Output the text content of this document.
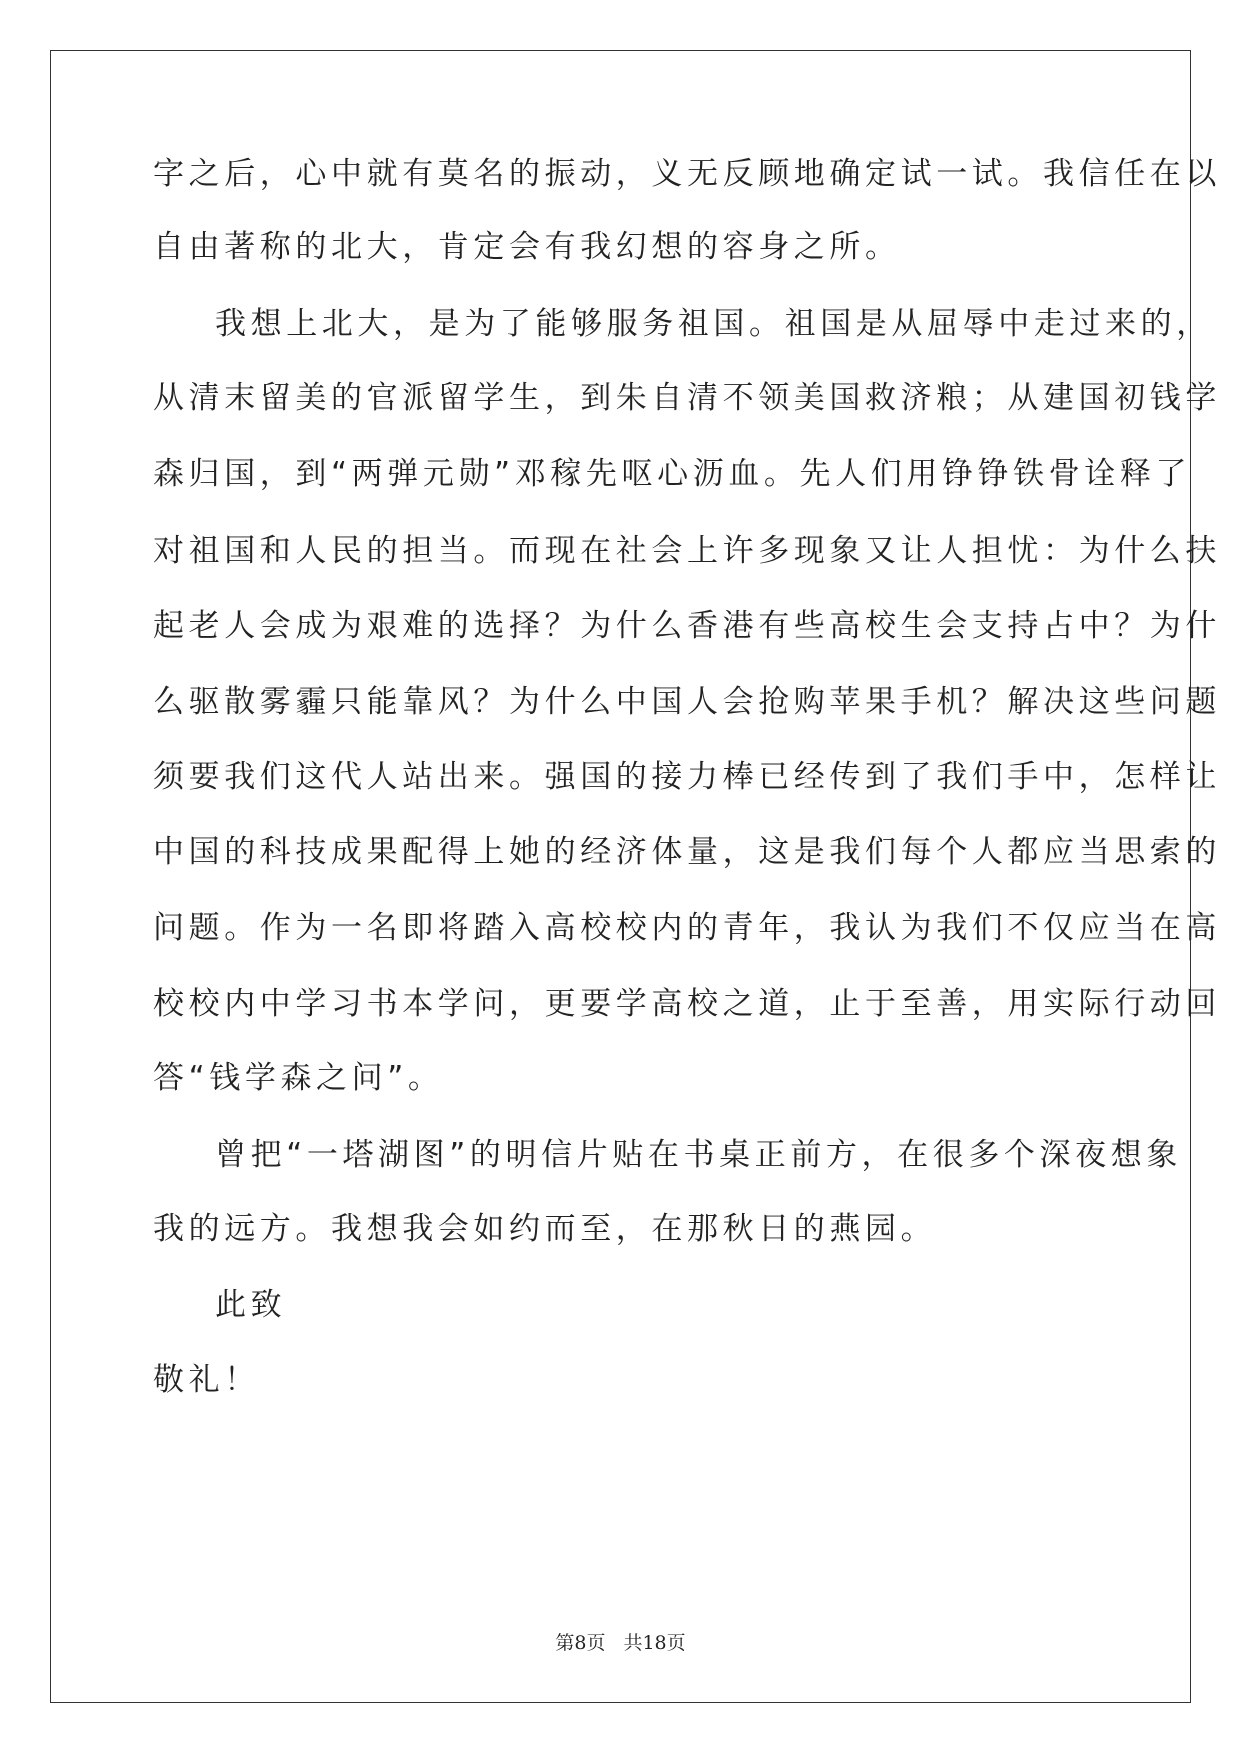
字之后，心中就有莫名的振动，义无反顾地确定试一试。我信任在以
自由著称的北大，肯定会有我幻想的容身之所。
我想上北大，是为了能够服务祖国。祖国是从屈辱中走过来的，
从清末留美的官派留学生，到朱自清不领美国救济粮；从建国初钱学
森归国，到“两弹元勋”邓稼先呕心沥血。先人们用铮铮铁骨诠释了
对祖国和人民的担当。而现在社会上许多现象又让人担忧：为什么扶
起老人会成为艰难的选择？为什么香港有些高校生会支持占中？为什
么驱散雾霾只能靠风？为什么中国人会抢购苹果手机？解决这些问题
须要我们这代人站出来。强国的接力棒已经传到了我们手中，怎样让
中国的科技成果配得上她的经济体量，这是我们每个人都应当思索的
问题。作为一名即将踏入高校校内的青年，我认为我们不仅应当在高
校校内中学习书本学问，更要学高校之道，止于至善，用实际行动回
答“钱学森之问”。
曾把“一塔湖图”的明信片贴在书桌正前方，在很多个深夜想象
我的远方。我想我会如约而至，在那秋日的燕园。
此致
敬礼！
第8页 共18页
